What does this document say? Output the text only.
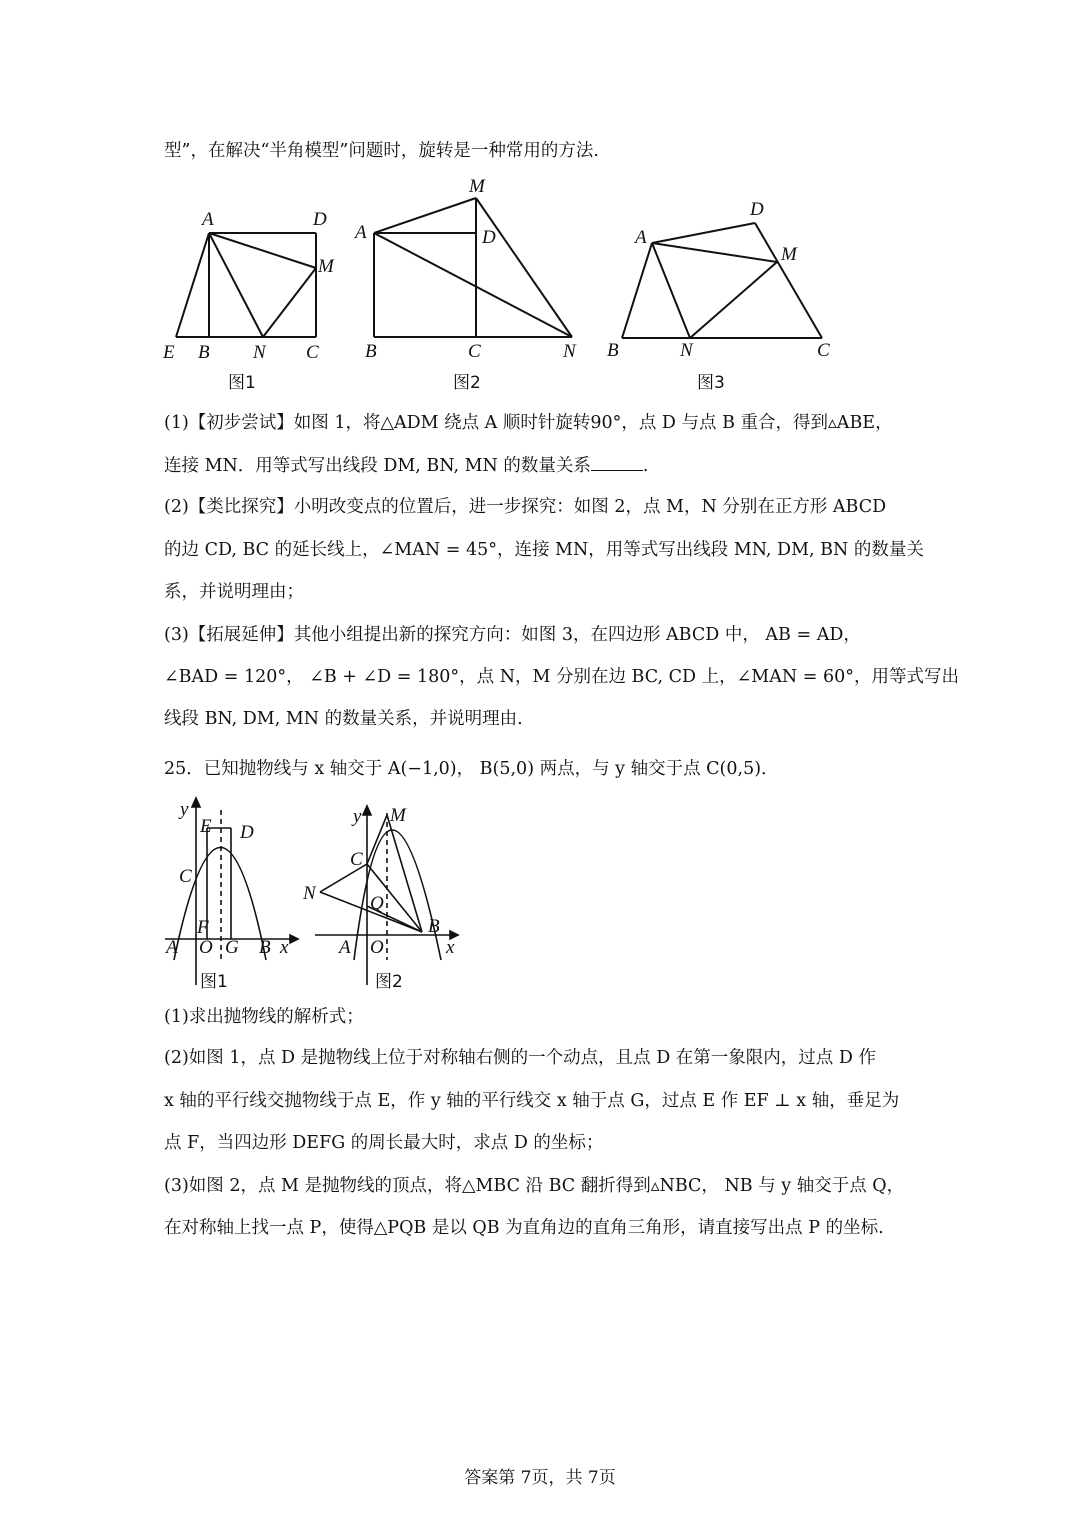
型”，在解决“半角模型”问题时，旋转是一种常用的方法.
A	D
M
E B N C
图1
M
A	D
B	C	N
图2
D
A
M
B	N	C
图3
(1)【初步尝试】如图 1，将△ADM 绕点 A 顺时针旋转90°，点 D 与点 B 重合，得到▵ABE，
连接 MN．用等式写出线段 DM, BN, MN 的数量关系	.
(2)【类比探究】小明改变点的位置后，进一步探究：如图 2，点 M，N 分别在正方形 ABCD
的边 CD, BC 的延长线上，∠MAN = 45°，连接 MN，用等式写出线段 MN, DM, BN 的数量关
系，并说明理由；
(3)【拓展延伸】其他小组提出新的探究方向：如图 3，在四边形 ABCD 中， AB = AD，
∠BAD = 120°， ∠B + ∠D = 180°，点 N，M 分别在边 BC, CD 上，∠MAN = 60°，用等式写出
线段 BN, DM, MN 的数量关系，并说明理由.
25．已知抛物线与 x 轴交于 A(−1,0)， B(5,0) 两点，与 y 轴交于点 C(0,5)．
y
E D
C
F
A O G B x
图1
y M
C
N	Q
A O
B
x
图2
(1)求出抛物线的解析式；
(2)如图 1，点 D 是抛物线上位于对称轴右侧的一个动点，且点 D 在第一象限内，过点 D 作
x 轴的平行线交抛物线于点 E，作 y 轴的平行线交 x 轴于点 G，过点 E 作 EF ⊥ x 轴，垂足为
点 F，当四边形 DEFG 的周长最大时，求点 D 的坐标；
(3)如图 2，点 M 是抛物线的顶点，将△MBC 沿 BC 翻折得到▵NBC， NB 与 y 轴交于点 Q，
在对称轴上找一点 P，使得△PQB 是以 QB 为直角边的直角三角形，请直接写出点 P 的坐标.
答案第 7页，共 7页
